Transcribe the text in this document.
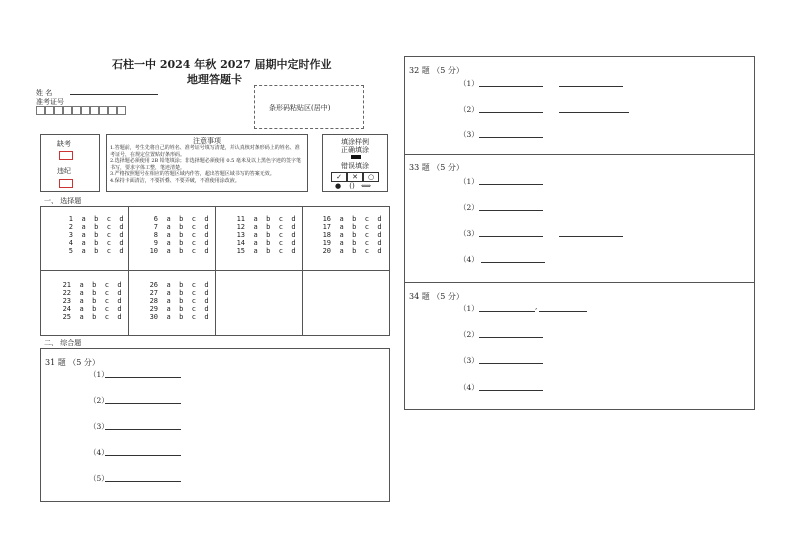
石柱一中 2024 年秋 2027 届期中定时作业
地理答题卡
姓 名
准考证号
条形码粘贴区(居中)
缺考
违纪
注意事项
1.答题前，考生先将自己的姓名、准考证号填写清楚，并认真核对条形码上的姓名、准考证号，在规定位置贴好条形码。
2.选择题必须使用 2B 铅笔填涂；非选择题必须使用 0.5 毫米及以上黑色字迹的签字笔书写，要求字体工整，笔迹清楚。
3.严格按照题号在相应的答题区域内作答，超出答题区域书写的答案无效。
4.保持卡面清洁，不要折叠、不要弄破，不准使用涂改液。
填涂样例
正确填涂
错误填涂
✓ ✕ ○
● () ⟺
一、 选择题
1 a  b  c  d
2 a  b  c  d
3 a  b  c  d
4 a  b  c  d
5 a  b  c  d
6 a  b  c  d
7 a  b  c  d
8 a  b  c  d
9 a  b  c  d
10 a  b  c  d
11 a  b  c  d
12 a  b  c  d
13 a  b  c  d
14 a  b  c  d
15 a  b  c  d
16 a  b  c  d
17 a  b  c  d
18 a  b  c  d
19 a  b  c  d
20 a  b  c  d
21 a  b  c  d
22 a  b  c  d
23 a  b  c  d
24 a  b  c  d
25 a  b  c  d
26 a  b  c  d
27 a  b  c  d
28 a  b  c  d
29 a  b  c  d
30 a  b  c  d
二、 综合题
31 题 （5 分）
（1）
（2）
（3）
（4）
（5）
32 题 （5 分）
（1）
（2）
（3）
33 题 （5 分）
（1）
（2）
（3）
（4）
34 题 （5 分）
（1）	,
（2）
（3）
（4）
